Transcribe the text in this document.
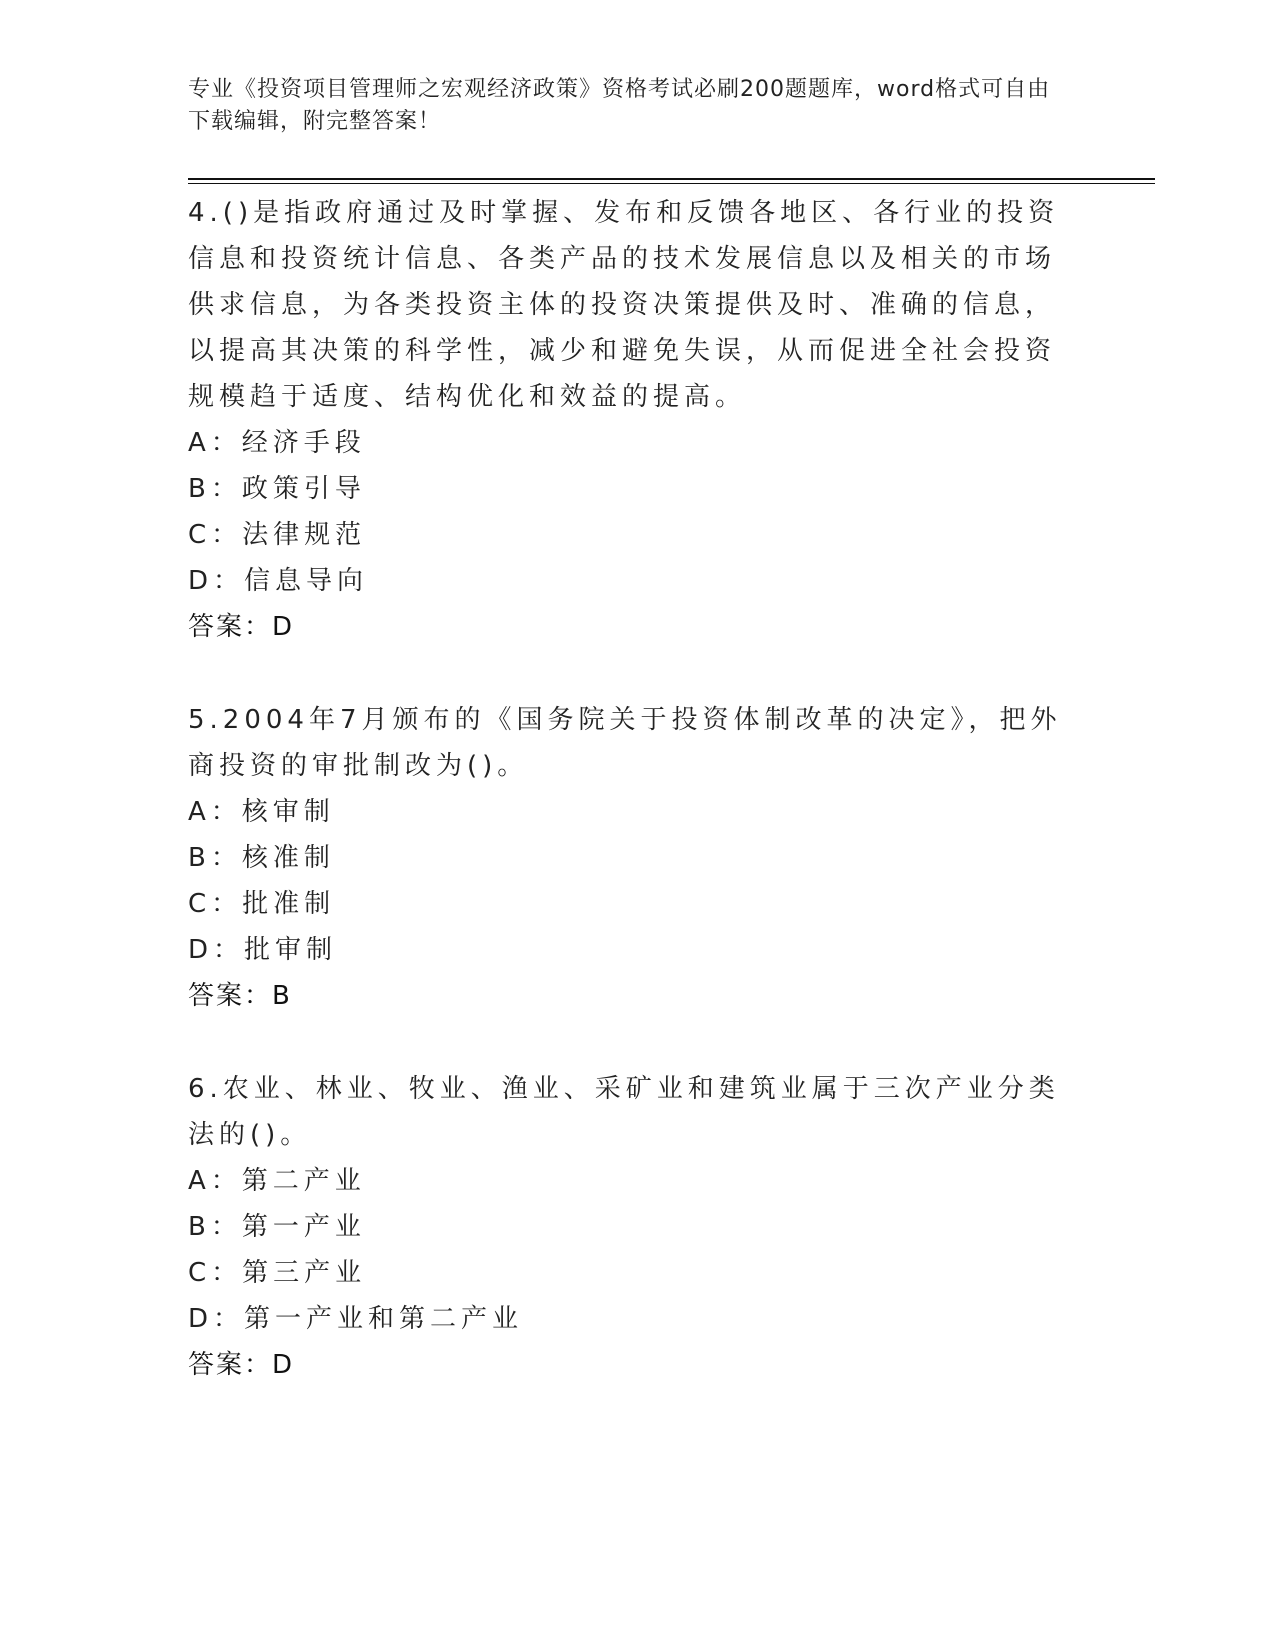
专业《投资项目管理师之宏观经济政策》资格考试必刷200题题库，word格式可自由下载编辑，附完整答案！

4.()是指政府通过及时掌握、发布和反馈各地区、各行业的投资信息和投资统计信息、各类产品的技术发展信息以及相关的市场供求信息，为各类投资主体的投资决策提供及时、准确的信息，以提高其决策的科学性，减少和避免失误，从而促进全社会投资规模趋于适度、结构优化和效益的提高。

A：经济手段

B：政策引导

C：法律规范

D：信息导向

答案：D

5.2004年7月颁布的《国务院关于投资体制改革的决定》，把外商投资的审批制改为()。

A：核审制

B：核准制

C：批准制

D：批审制

答案：B

6.农业、林业、牧业、渔业、采矿业和建筑业属于三次产业分类法的()。

A：第二产业

B：第一产业

C：第三产业

D：第一产业和第二产业

答案：D
